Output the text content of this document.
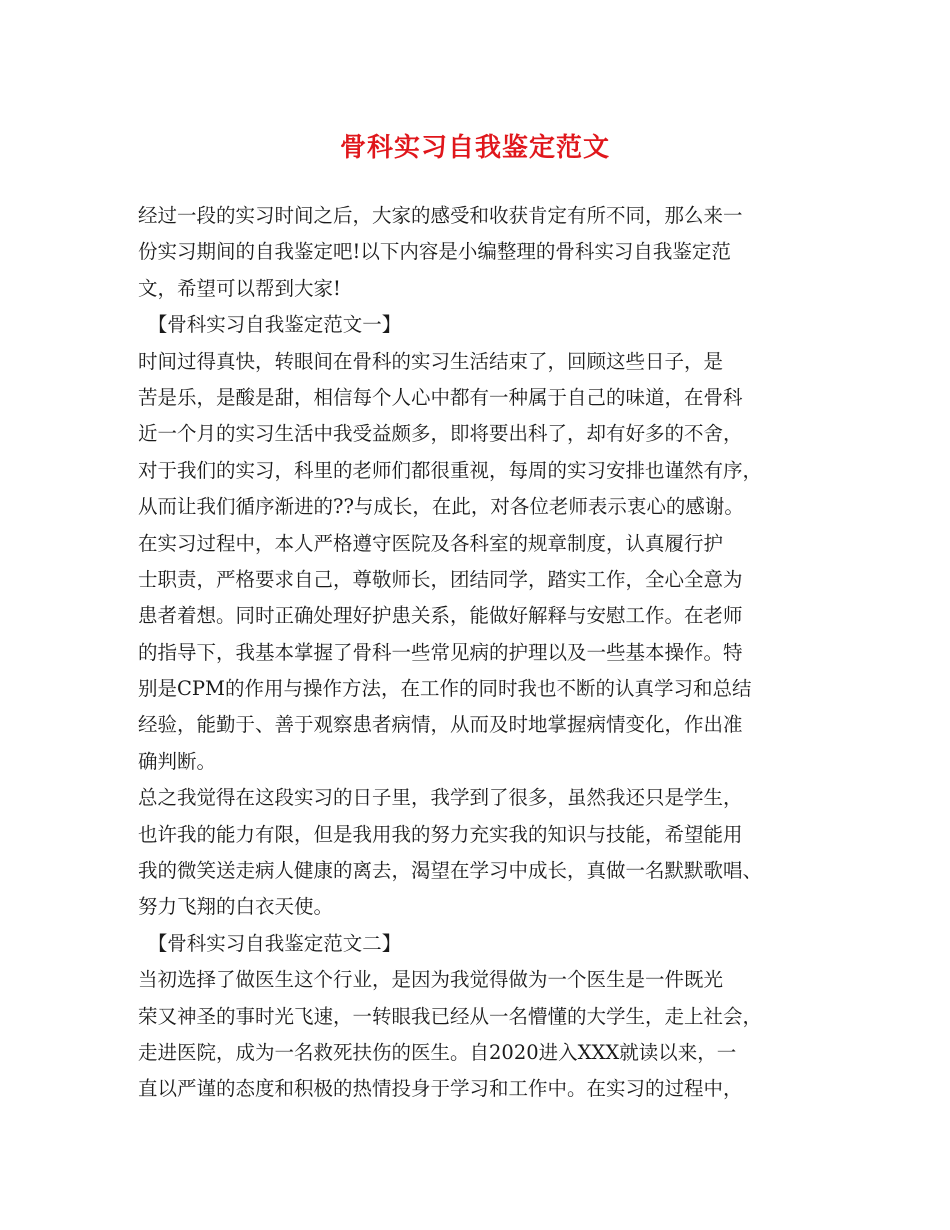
骨科实习自我鉴定范文
经过一段的实习时间之后，大家的感受和收获肯定有所不同，那么来一
份实习期间的自我鉴定吧!以下内容是小编整理的骨科实习自我鉴定范
文，希望可以帮到大家!
　【骨科实习自我鉴定范文一】
时间过得真快，转眼间在骨科的实习生活结束了，回顾这些日子，是
苦是乐，是酸是甜，相信每个人心中都有一种属于自己的味道，在骨科
近一个月的实习生活中我受益颇多，即将要出科了，却有好多的不舍，
对于我们的实习，科里的老师们都很重视，每周的实习安排也谨然有序，
从而让我们循序渐进的??与成长，在此，对各位老师表示衷心的感谢。
在实习过程中，本人严格遵守医院及各科室的规章制度，认真履行护
士职责，严格要求自己，尊敬师长，团结同学，踏实工作，全心全意为
患者着想。同时正确处理好护患关系，能做好解释与安慰工作。在老师
的指导下，我基本掌握了骨科一些常见病的护理以及一些基本操作。特
别是CPM的作用与操作方法，在工作的同时我也不断的认真学习和总结
经验，能勤于、善于观察患者病情，从而及时地掌握病情变化，作出准
确判断。
总之我觉得在这段实习的日子里，我学到了很多，虽然我还只是学生，
也许我的能力有限，但是我用我的努力充实我的知识与技能，希望能用
我的微笑送走病人健康的离去，渴望在学习中成长，真做一名默默歌唱、
努力飞翔的白衣天使。
　【骨科实习自我鉴定范文二】
当初选择了做医生这个行业，是因为我觉得做为一个医生是一件既光
荣又神圣的事时光飞速，一转眼我已经从一名懵懂的大学生，走上社会，
走进医院，成为一名救死扶伤的医生。自2020进入XXX就读以来，一
直以严谨的态度和积极的热情投身于学习和工作中。在实习的过程中，
